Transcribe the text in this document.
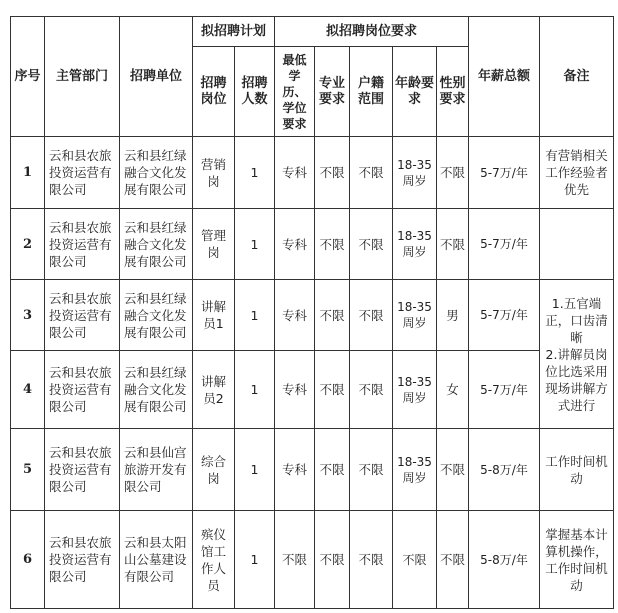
序号	主管部门	招聘单位	拟招聘计划		拟招聘岗位要求					年薪总额	备注
			招聘岗位	招聘人数	最低学历、学位要求	专业要求	户籍范围	年龄要求	性别要求		
1	云和县农旅投资运营有限公司	云和县红绿融合文化发展有限公司	营销岗	1	专科	不限	不限	18-35周岁	不限	5-7万/年	有营销相关工作经验者优先
2	云和县农旅投资运营有限公司	云和县红绿融合文化发展有限公司	管理岗	1	专科	不限	不限	18-35周岁	不限	5-7万/年	
3	云和县农旅投资运营有限公司	云和县红绿融合文化发展有限公司	讲解员1	1	专科	不限	不限	18-35周岁	男	5-7万/年	1.五官端正，口齿清晰
2.讲解员岗位比选采用现场讲解方式进行
4	云和县农旅投资运营有限公司	云和县红绿融合文化发展有限公司	讲解员2	1	专科	不限	不限	18-35周岁	女	5-7万/年	
5	云和县农旅投资运营有限公司	云和县仙宫旅游开发有限公司	综合岗	1	专科	不限	不限	18-35周岁	不限	5-8万/年	工作时间机动
6	云和县农旅投资运营有限公司	云和县太阳山公墓建设有限公司	殡仪馆工作人员	1	不限	不限	不限	不限	不限	5-8万/年	掌握基本计算机操作，工作时间机动
